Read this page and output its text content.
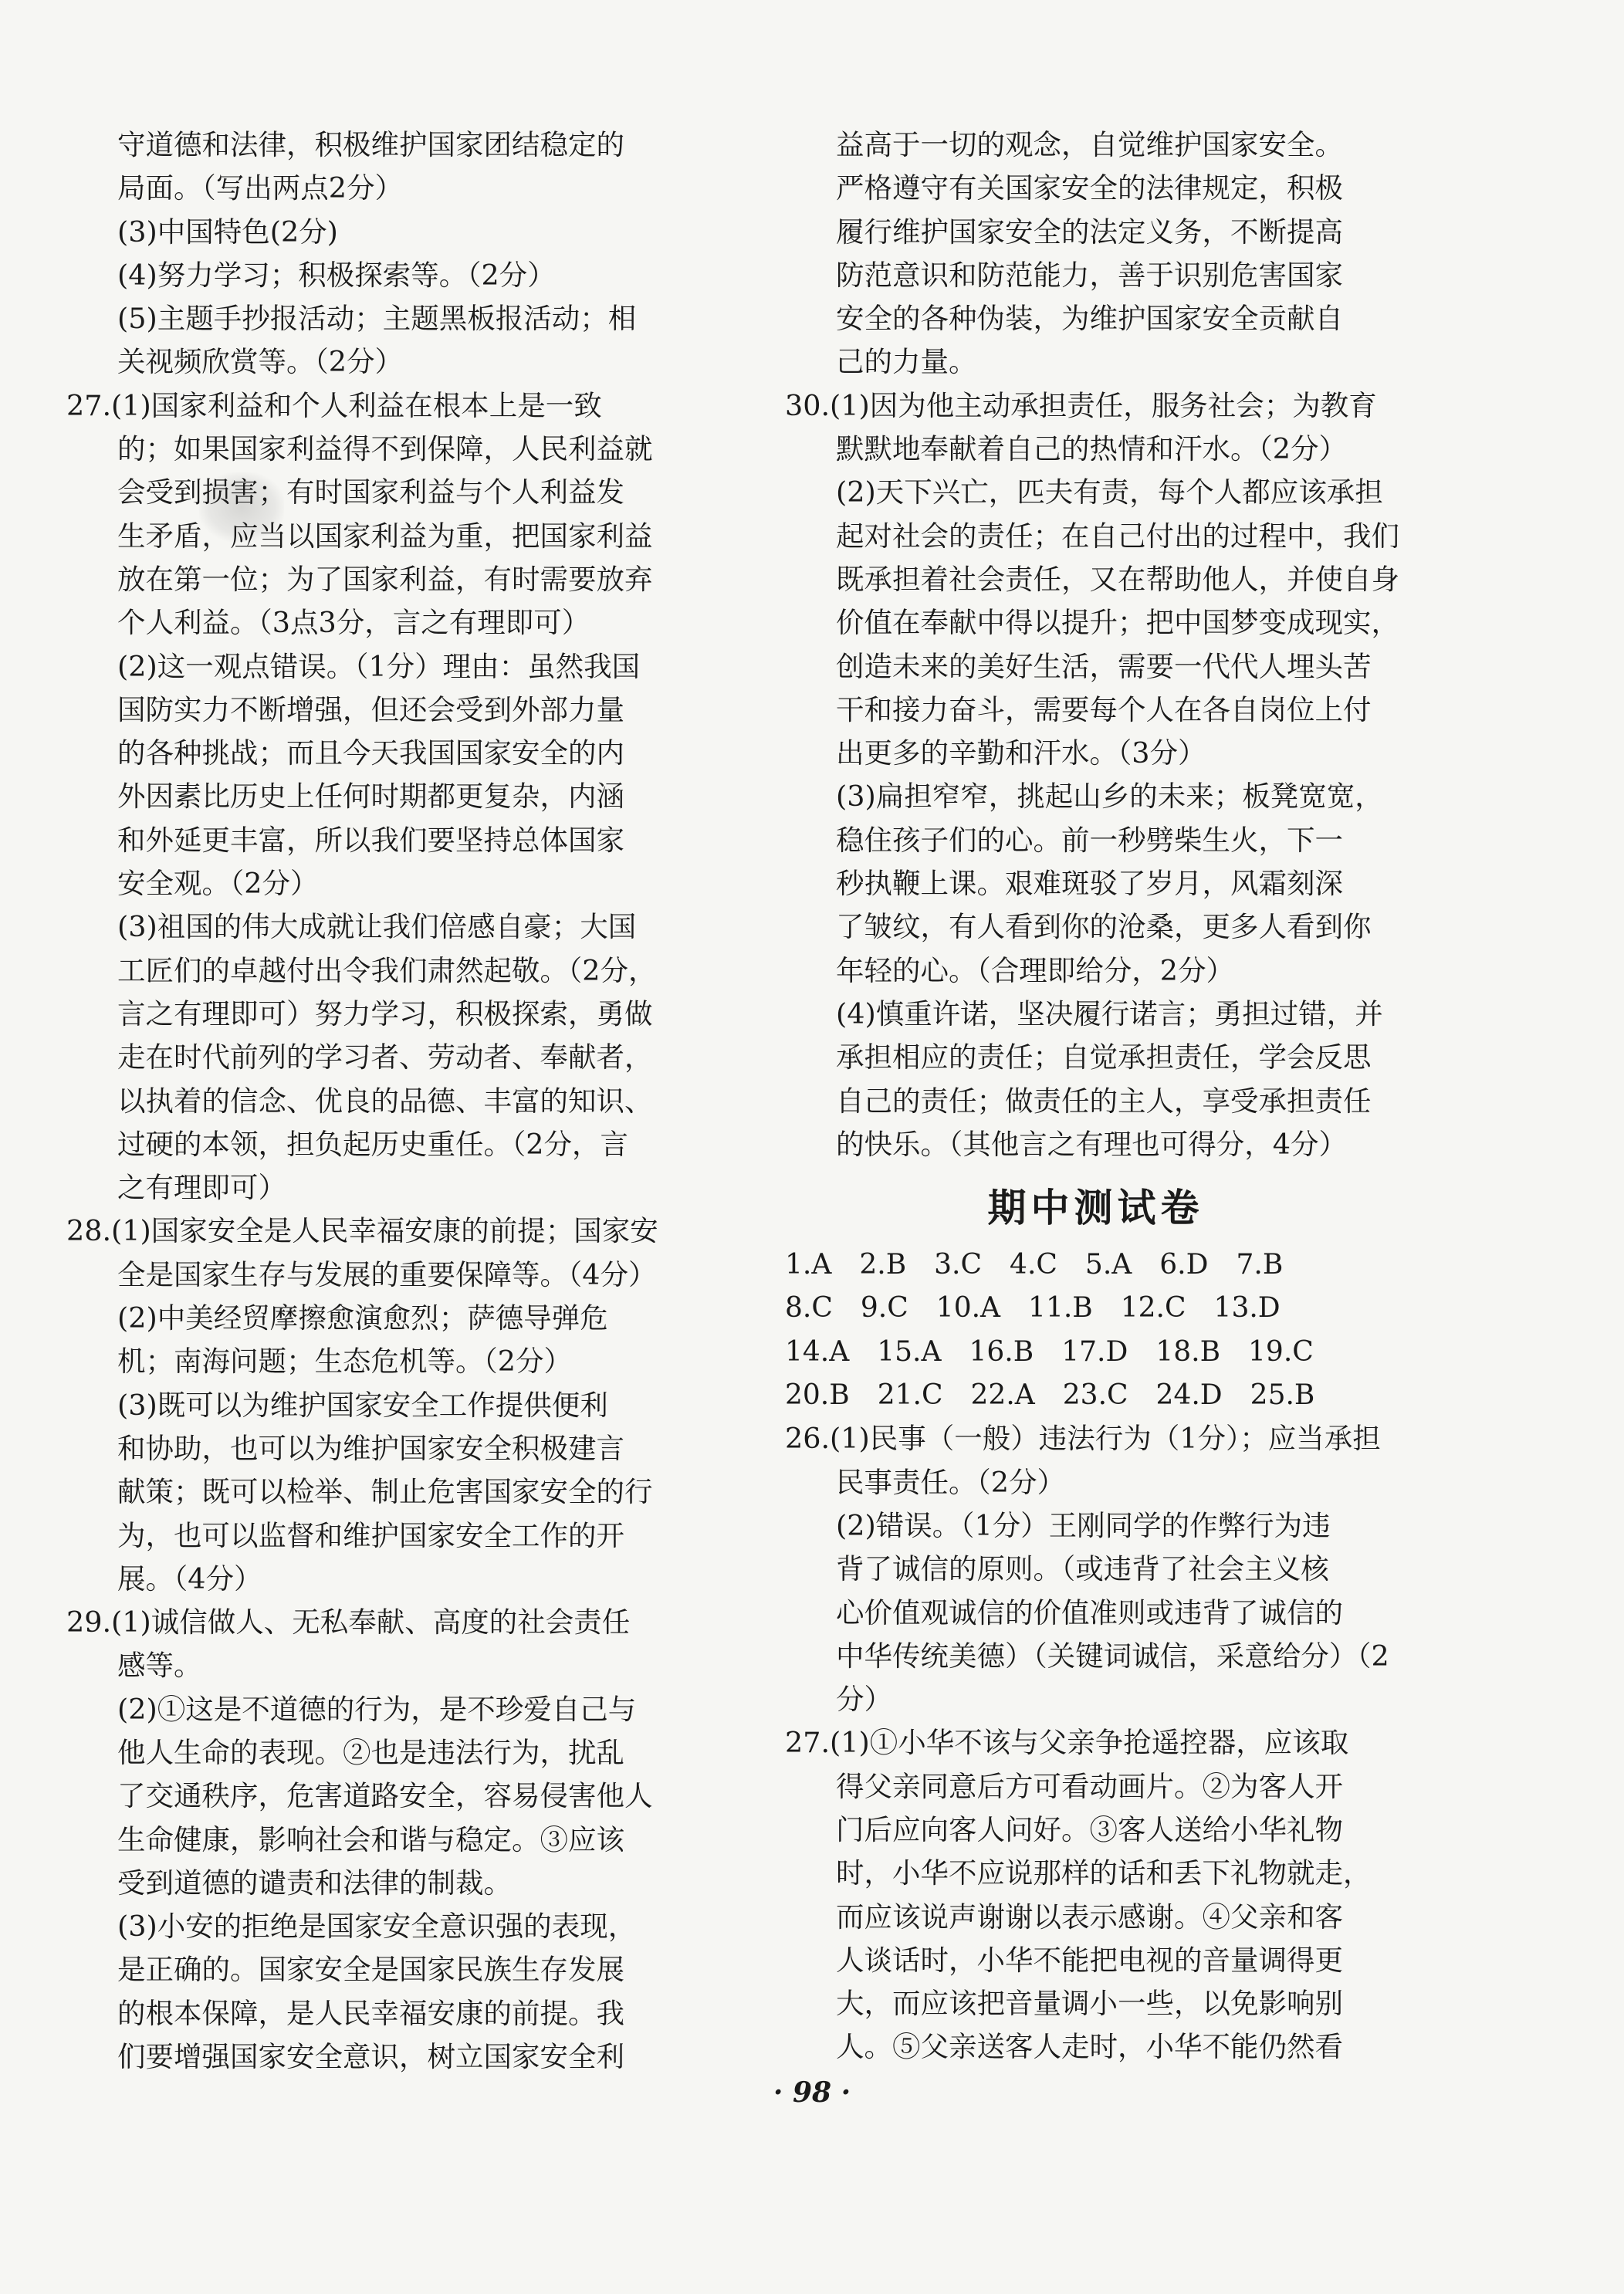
守道德和法律，积极维护国家团结稳定的
局面。（写出两点2分）
(3)中国特色(2分)
(4)努力学习；积极探索等。（2分）
(5)主题手抄报活动；主题黑板报活动；相
关视频欣赏等。（2分）
27.(1)国家利益和个人利益在根本上是一致
的；如果国家利益得不到保障，人民利益就
会受到损害；有时国家利益与个人利益发
生矛盾，应当以国家利益为重，把国家利益
放在第一位；为了国家利益，有时需要放弃
个人利益。（3点3分，言之有理即可）
(2)这一观点错误。（1分）理由：虽然我国
国防实力不断增强，但还会受到外部力量
的各种挑战；而且今天我国国家安全的内
外因素比历史上任何时期都更复杂，内涵
和外延更丰富，所以我们要坚持总体国家
安全观。（2分）
(3)祖国的伟大成就让我们倍感自豪；大国
工匠们的卓越付出令我们肃然起敬。（2分，
言之有理即可）努力学习，积极探索，勇做
走在时代前列的学习者、劳动者、奉献者，
以执着的信念、优良的品德、丰富的知识、
过硬的本领，担负起历史重任。（2分，言
之有理即可）
28.(1)国家安全是人民幸福安康的前提；国家安
全是国家生存与发展的重要保障等。（4分）
(2)中美经贸摩擦愈演愈烈；萨德导弹危
机；南海问题；生态危机等。（2分）
(3)既可以为维护国家安全工作提供便利
和协助，也可以为维护国家安全积极建言
献策；既可以检举、制止危害国家安全的行
为，也可以监督和维护国家安全工作的开
展。（4分）
29.(1)诚信做人、无私奉献、高度的社会责任
感等。
(2)①这是不道德的行为，是不珍爱自己与
他人生命的表现。②也是违法行为，扰乱
了交通秩序，危害道路安全，容易侵害他人
生命健康，影响社会和谐与稳定。③应该
受到道德的谴责和法律的制裁。
(3)小安的拒绝是国家安全意识强的表现，
是正确的。国家安全是国家民族生存发展
的根本保障，是人民幸福安康的前提。我
们要增强国家安全意识，树立国家安全利
益高于一切的观念，自觉维护国家安全。
严格遵守有关国家安全的法律规定，积极
履行维护国家安全的法定义务，不断提高
防范意识和防范能力，善于识别危害国家
安全的各种伪装，为维护国家安全贡献自
己的力量。
30.(1)因为他主动承担责任，服务社会；为教育
默默地奉献着自己的热情和汗水。（2分）
(2)天下兴亡，匹夫有责，每个人都应该承担
起对社会的责任；在自己付出的过程中，我们
既承担着社会责任，又在帮助他人，并使自身
价值在奉献中得以提升；把中国梦变成现实，
创造未来的美好生活，需要一代代人埋头苦
干和接力奋斗，需要每个人在各自岗位上付
出更多的辛勤和汗水。（3分）
(3)扁担窄窄，挑起山乡的未来；板凳宽宽，
稳住孩子们的心。前一秒劈柴生火，下一
秒执鞭上课。艰难斑驳了岁月，风霜刻深
了皱纹，有人看到你的沧桑，更多人看到你
年轻的心。（合理即给分，2分）
(4)慎重许诺，坚决履行诺言；勇担过错，并
承担相应的责任；自觉承担责任，学会反思
自己的责任；做责任的主人，享受承担责任
的快乐。（其他言之有理也可得分，4分）
期中测试卷
1.A　2.B　3.C　4.C　5.A　6.D　7.B
8.C　9.C　10.A　11.B　12.C　13.D
14.A　15.A　16.B　17.D　18.B　19.C
20.B　21.C　22.A　23.C　24.D　25.B
26.(1)民事（一般）违法行为（1分）；应当承担
民事责任。（2分）
(2)错误。（1分）王刚同学的作弊行为违
背了诚信的原则。（或违背了社会主义核
心价值观诚信的价值准则或违背了诚信的
中华传统美德）（关键词诚信，采意给分）（2
分）
27.(1)①小华不该与父亲争抢遥控器，应该取
得父亲同意后方可看动画片。②为客人开
门后应向客人问好。③客人送给小华礼物
时，小华不应说那样的话和丢下礼物就走，
而应该说声谢谢以表示感谢。④父亲和客
人谈话时，小华不能把电视的音量调得更
大，而应该把音量调小一些，以免影响别
人。⑤父亲送客人走时，小华不能仍然看
· 98 ·
